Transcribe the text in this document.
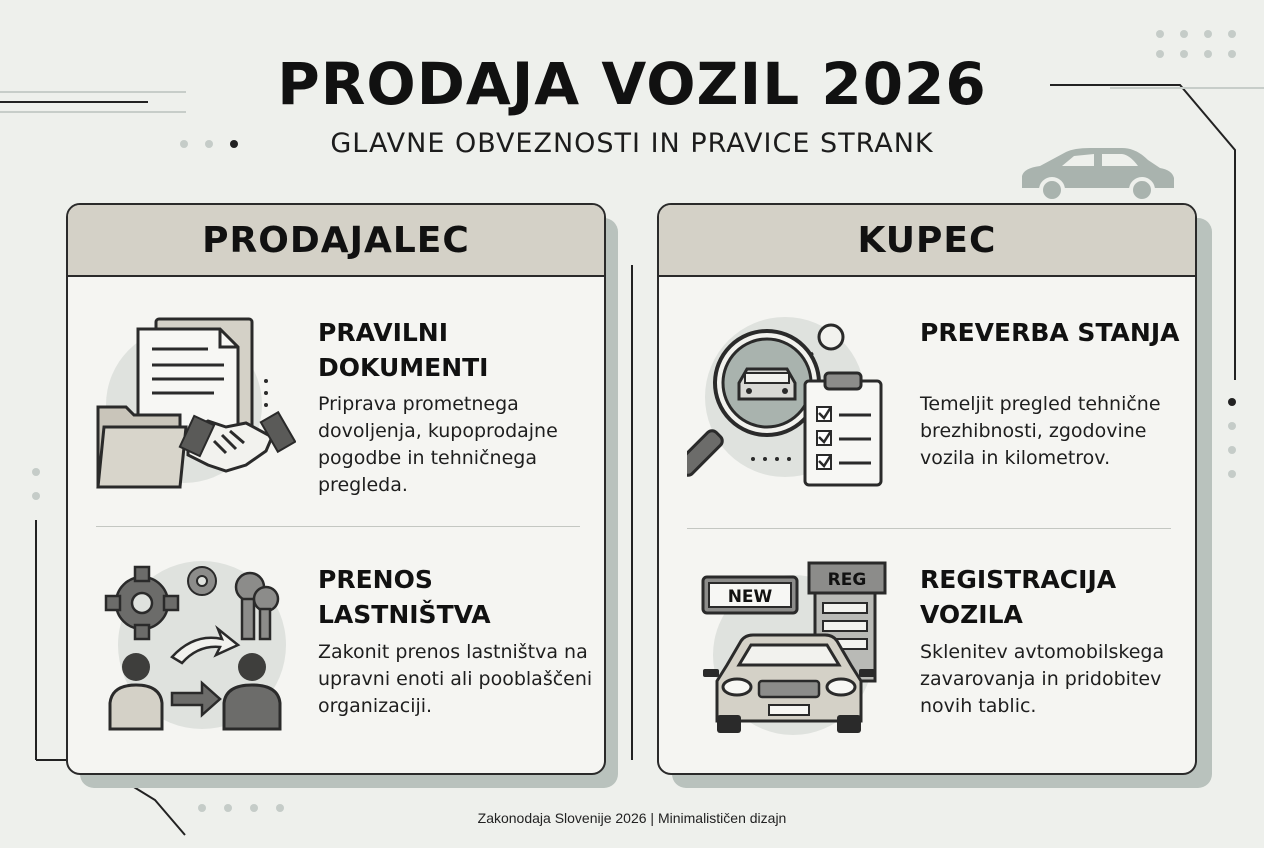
PRODAJA VOZIL 2026
GLAVNE OBVEZNOSTI IN PRAVICE STRANK
PRODAJALEC
PRAVILNI DOKUMENTI
Priprava prometnega dovoljenja, kupoprodajne pogodbe in tehničnega pregleda.
PRENOS LASTNIŠTVA
Zakonit prenos lastništva na upravni enoti ali pooblaščeni organizaciji.
KUPEC
PREVERBA STANJA
Temeljit pregled tehnične brezhibnosti, zgodovine vozila in kilometrov.
REG
NEW
REGISTRACIJA VOZILA
Sklenitev avtomobilskega zavarovanja in pridobitev novih tablic.
Zakonodaja Slovenije 2026 | Minimalističen dizajn
